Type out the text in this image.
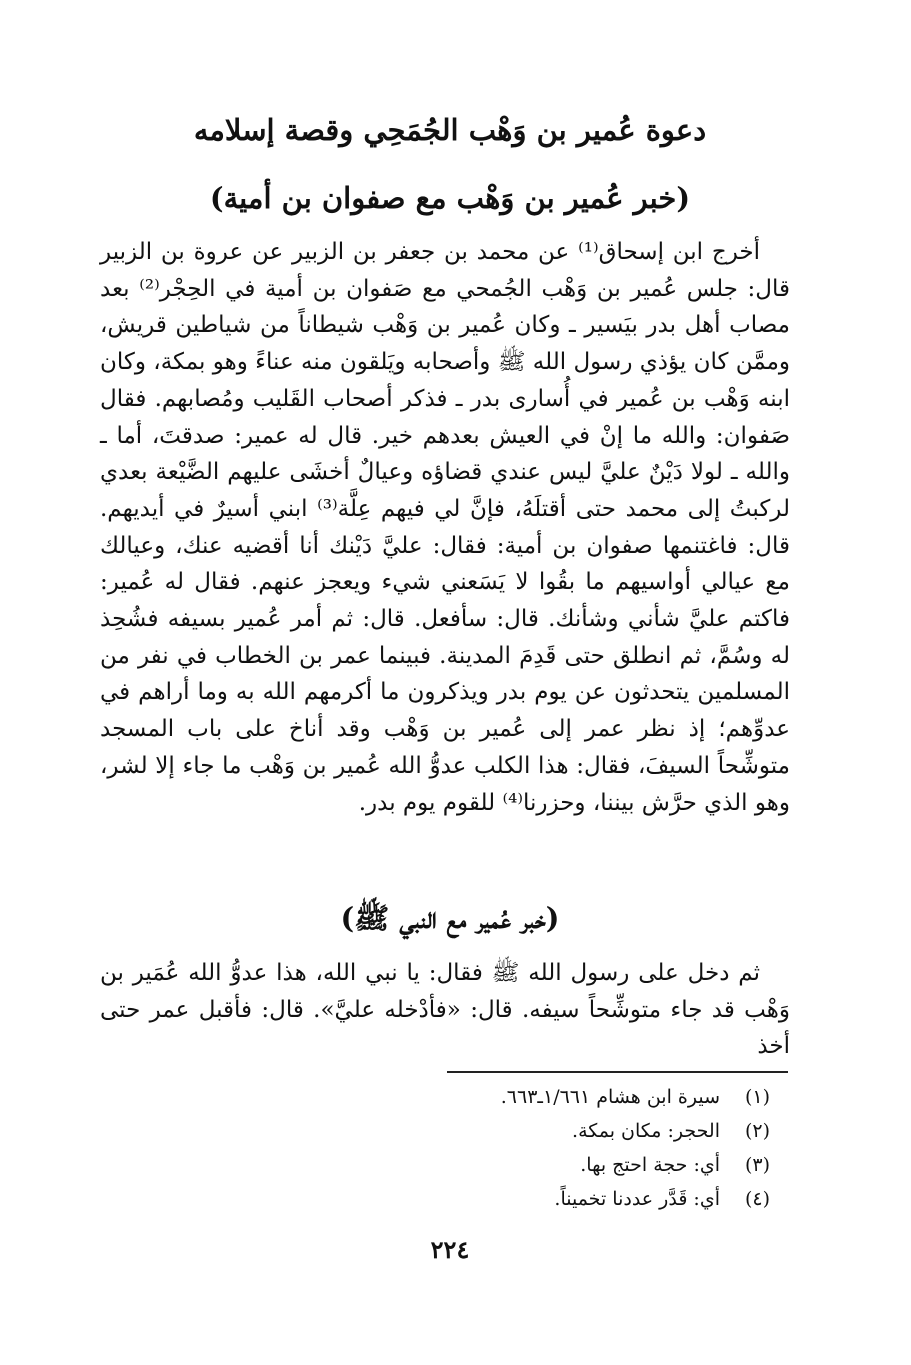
دعوة عُمير بن وَهْب الجُمَحِي وقصة إسلامه
(خبر عُمير بن وَهْب مع صفوان بن أمية)

أخرج ابن إسحاق⁽¹⁾ عن محمد بن جعفر بن الزبير عن عروة بن الزبير قال: جلس عُمير بن وَهْب الجُمحي مع صَفوان بن أمية في الحِجْر⁽²⁾ بعد مصاب أهل بدر بيَسير ـ وكان عُمير بن وَهْب شيطاناً من شياطين قريش، وممَّن كان يؤذي رسول الله ﷺ وأصحابه ويَلقون منه عناءً وهو بمكة، وكان ابنه وَهْب بن عُمير في أُسارى بدر ـ فذكر أصحاب القَليب ومُصابهم. فقال صَفوان: والله ما إنْ في العيش بعدهم خير. قال له عمير: صدقتَ، أما ـ والله ـ لولا دَيْنٌ عليَّ ليس عندي قضاؤه وعيالٌ أخشَى عليهم الضَّيْعة بعدي لركبتُ إلى محمد حتى أقتلَهُ، فإنَّ لي فيهم عِلَّة⁽³⁾ ابني أسيرٌ في أيديهم. قال: فاغتنمها صفوان بن أمية: فقال: عليَّ دَيْنك أنا أقضيه عنك، وعيالك مع عيالي أواسيهم ما بقُوا لا يَسَعني شيء ويعجز عنهم. فقال له عُمير: فاكتم عليَّ شأني وشأنك. قال: سأفعل. قال: ثم أمر عُمير بسيفه فشُحِذ له وسُمَّ، ثم انطلق حتى قَدِمَ المدينة. فبينما عمر بن الخطاب في نفر من المسلمين يتحدثون عن يوم بدر ويذكرون ما أكرمهم الله به وما أراهم في عدوِّهم؛ إذ نظر عمر إلى عُمير بن وَهْب وقد أناخ على باب المسجد متوشِّحاً السيفَ، فقال: هذا الكلب عدوُّ الله عُمير بن وَهْب ما جاء إلا لشر، وهو الذي حرَّش بيننا، وحزرنا⁽⁴⁾ للقوم يوم بدر.

(خبر عُمير مع النبي ﷺ)

ثم دخل على رسول الله ﷺ فقال: يا نبي الله، هذا عدوُّ الله عُمَير بن وَهْب قد جاء متوشِّحاً سيفه. قال: «فأدْخله عليَّ». قال: فأقبل عمر حتى أخذ

(١)
سيرة ابن هشام ١/٦٦١ـ٦٦٣.
(٢)
الحجر: مكان بمكة.
(٣)
أي: حجة احتج بها.
(٤)
أي: قَدَّر عددنا تخميناً.
٢٢٤
